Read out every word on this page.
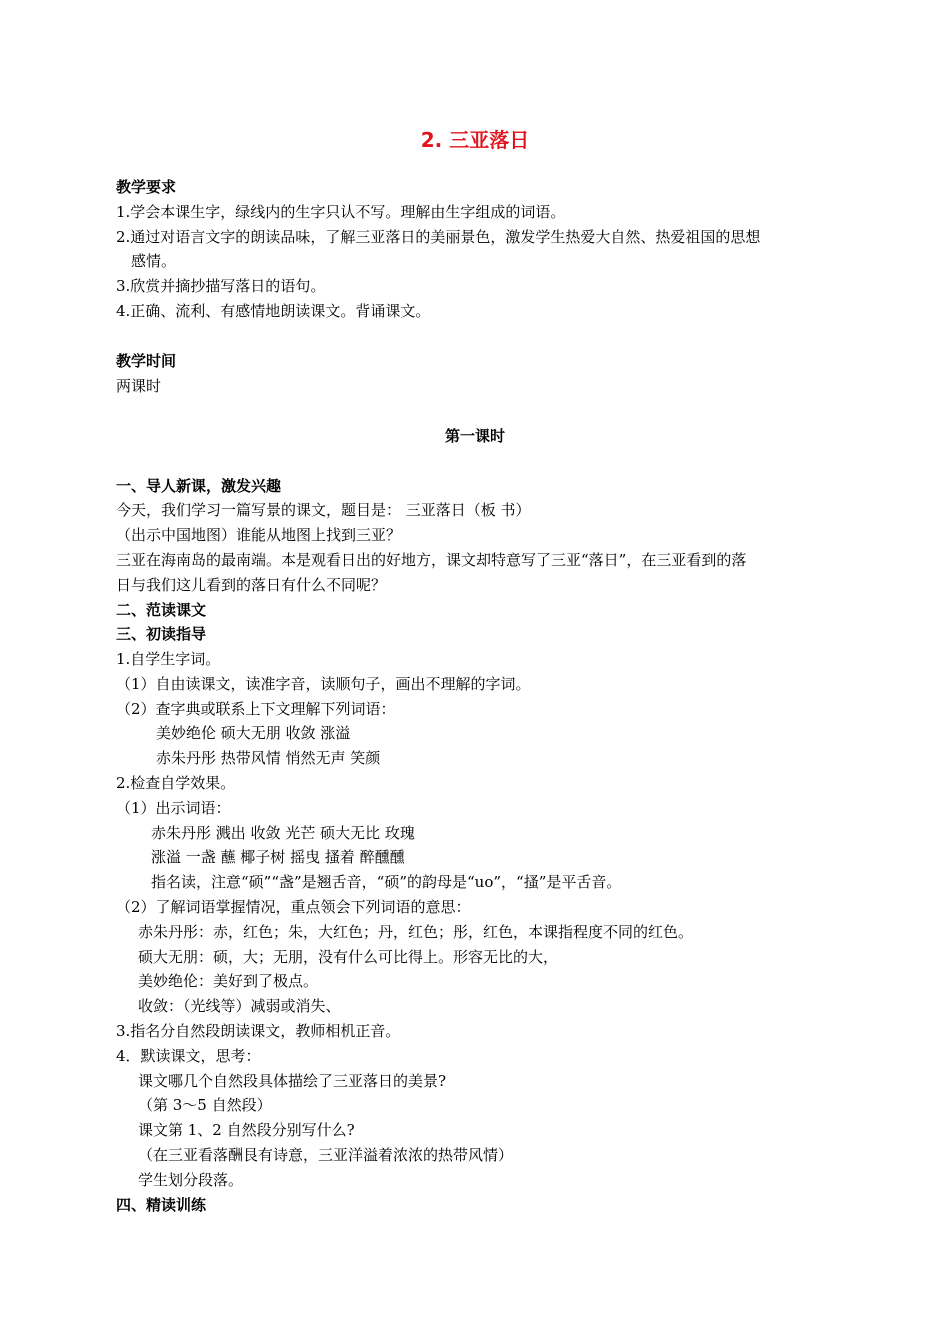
2. 三亚落日
教学要求
1.学会本课生字，绿线内的生字只认不写。理解由生字组成的词语。
2.通过对语言文字的朗读品味，了解三亚落日的美丽景色，激发学生热爱大自然、热爱祖国的思想
感情。
3.欣赏并摘抄描写落日的语句。
4.正确、流利、有感情地朗读课文。背诵课文。
教学时间
两课时
第一课时
一、导人新课，激发兴趣
今天，我们学习一篇写景的课文，题目是： 三亚落日（板 书）
（出示中国地图）谁能从地图上找到三亚？
三亚在海南岛的最南端。本是观看日出的好地方，课文却特意写了三亚“落日”，在三亚看到的落
日与我们这儿看到的落日有什么不同呢？
二、范读课文
三、初读指导
1.自学生字词。
（1）自由读课文，读准字音，读顺句子，画出不理解的字词。
（2）查字典或联系上下文理解下列词语：
美妙绝伦 硕大无朋 收敛 涨溢
赤朱丹彤 热带风情 悄然无声 笑颜
2.检查自学效果。
（1）出示词语：
赤朱丹彤 溅出 收敛 光芒 硕大无比 玫瑰
涨溢 一盏 蘸 椰子树 摇曳 搔着 醉醺醺
指名读，注意“硕”“盏”是翘舌音，“硕”的韵母是“uo”，“搔”是平舌音。
（2）了解词语掌握情况，重点领会下列词语的意思：
赤朱丹彤：赤，红色；朱，大红色；丹，红色；彤，红色，本课指程度不同的红色。
硕大无朋：硕，大；无朋，没有什么可比得上。形容无比的大，
美妙绝伦：美好到了极点。
收敛：（光线等）减弱或消失、
3.指名分自然段朗读课文，教师相机正音。
4．默读课文，思考：
课文哪几个自然段具体描绘了三亚落日的美景?
（第 3～5 自然段）
课文第 1、2 自然段分别写什么?
（在三亚看落酬艮有诗意，三亚洋溢着浓浓的热带风情）
学生划分段落。
四、精读训练
